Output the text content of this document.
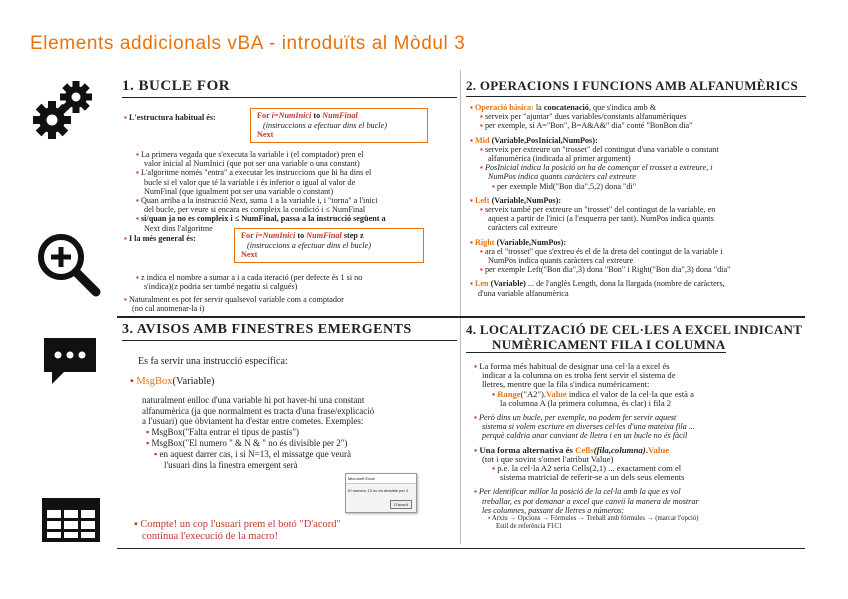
Elements addicionals vBA - introduïts al Mòdul 3
1. BUCLE FOR

▪ L'estructura habitual és:	For i=NumInici to NumFinal

(instruccions a efectuar dins el bucle)

Next

▪ La primera vegada que s'executa la variable i (el comptador) pren el

valor inicial al NumInici (que pot ser una variable o una constant)

▪ L'algoritme només "entra" a executar les instruccions que hi ha dins el

bucle si el valor que té la variable i és inferior o igual al valor de

NumFinal (que igualment pot ser una variable o constant)

▪ Quan arriba a la instrucció Next, suma 1 a la variable i, i "torna" a l'inici

del bucle, per veure si encara es compleix la condició i ≤ NumFinal

▪ si/quan ja no es compleix i ≤ NumFinal, passa a la instrucció següent a

Next dins l'algoritme

▪ I la més general és:	For i=NumInici to NumFinal step z

(instruccions a efectuar dins el bucle)

Next

▪ z indica el nombre a sumar a i a cada iteració (per defecte és 1 si no

s'indica)(z podria ser també negatiu si calgués)

▪ Naturalment es pot fer servir qualsevol variable com a comptador

(no cal anomenar-la i)

2. OPERACIONS I FUNCIONS AMB ALFANUMÈRICS

▪ Operació bàsica: la concatenació, que s'indica amb &

▪ serveix per "ajuntar" dues variables/constants alfanumèriques

▪ per exemple, si A="Bon", B=A&A&" dia" conté "BonBon dia"

▪ Mid (Variable,PosInicial,NumPos):

▪ serveix per extreure un "trosset" del contingut d'una variable o constant

alfanumèrica (indicada al primer argument)

▪ PosInicial indica la posició on ha de començar el trosset a extreure, i

NumPos indica quants caràcters cal extreure

▪ per exemple Mid("Bon dia",5,2) dona "di"

▪ Left (Variable,NumPos):

▪ serveix també per extreure un "trosset" del contingut de la variable, en

aquest a partir de l'inici (a l'esquerra per tant). NumPos indica quants

caràcters cal extreure

▪ Right (Variable,NumPos):

▪ ara el "trosset" que s'extreu és el de la dreta del contingut de la variable i

NumPos indica quants caràcters cal extreure

▪ per exemple Left("Bon dia",3) dona "Bon" i Right("Bon dia",3) dona "dia"

▪ Len (Variable) ... de l'anglès Length, dona la llargada (nombre de caràcters,

d'una variable alfanumèrica

3. AVISOS AMB FINESTRES EMERGENTS

Es fa servir una instrucció específica:

▪ MsgBox(Variable)

naturalment enlloc d'una variable hi pot haver-hi una constant

alfanumèrica (ja que normalment es tracta d'una frase/explicació

a l'usuari) que òbviament ha d'estar entre cometes. Exemples:

▪ MsgBox("Falta entrar el tipus de pastís")

▪ MsgBox("El numero " & N & " no és divisible per 2")

▪ en aquest darrer cas, i si N=13, el missatge que veurà

l'usuari dins la finestra emergent serà

Microsoft Excel
El numero 13 no és divisible per 2
D'acord

▪ Compte! un cop l'usuari prem el botó "D'acord"

continua l'execució de la macro!

4. LOCALITZACIÓ DE CEL·LES A EXCEL INDICANT
NUMÈRICAMENT FILA I COLUMNA

▪ La forma més habitual de designar una cel·la a excel és

indicar a la columna on es troba fent servir el sistema de

lletres, mentre que la fila s'indica numèricament:

▪ Range("A2").Value indica el valor de la cel·la que està a

la columna A (la primera columna, és clar) i fila 2

▪ Però dins un bucle, per exemple, no podem fer servir aquest

sistema si volem escriure en diverses cel·les d'una mateixa fila ...

perquè caldria anar canviant de lletra i en un bucle no és fàcil

▪ Una forma alternativa és Cells(fila,columna).Value

(tot i que sovint s'omet l'atribut Value)

▪ p.e. la cel·la A2 seria Cells(2,1) ... exactament com el

sistema matricial de referir-se a un dels seus elements

▪ Per identificar millor la posició de la cel·la amb la que es vol

treballar, es pot demanar a excel que canvii la manera de mostrar

les columnes, passant de lletres a números:

▪ Arxiu → Opcions → Fórmules → Treball amb fórmules → (marcar l'opció)

Estil de referència F1C1
